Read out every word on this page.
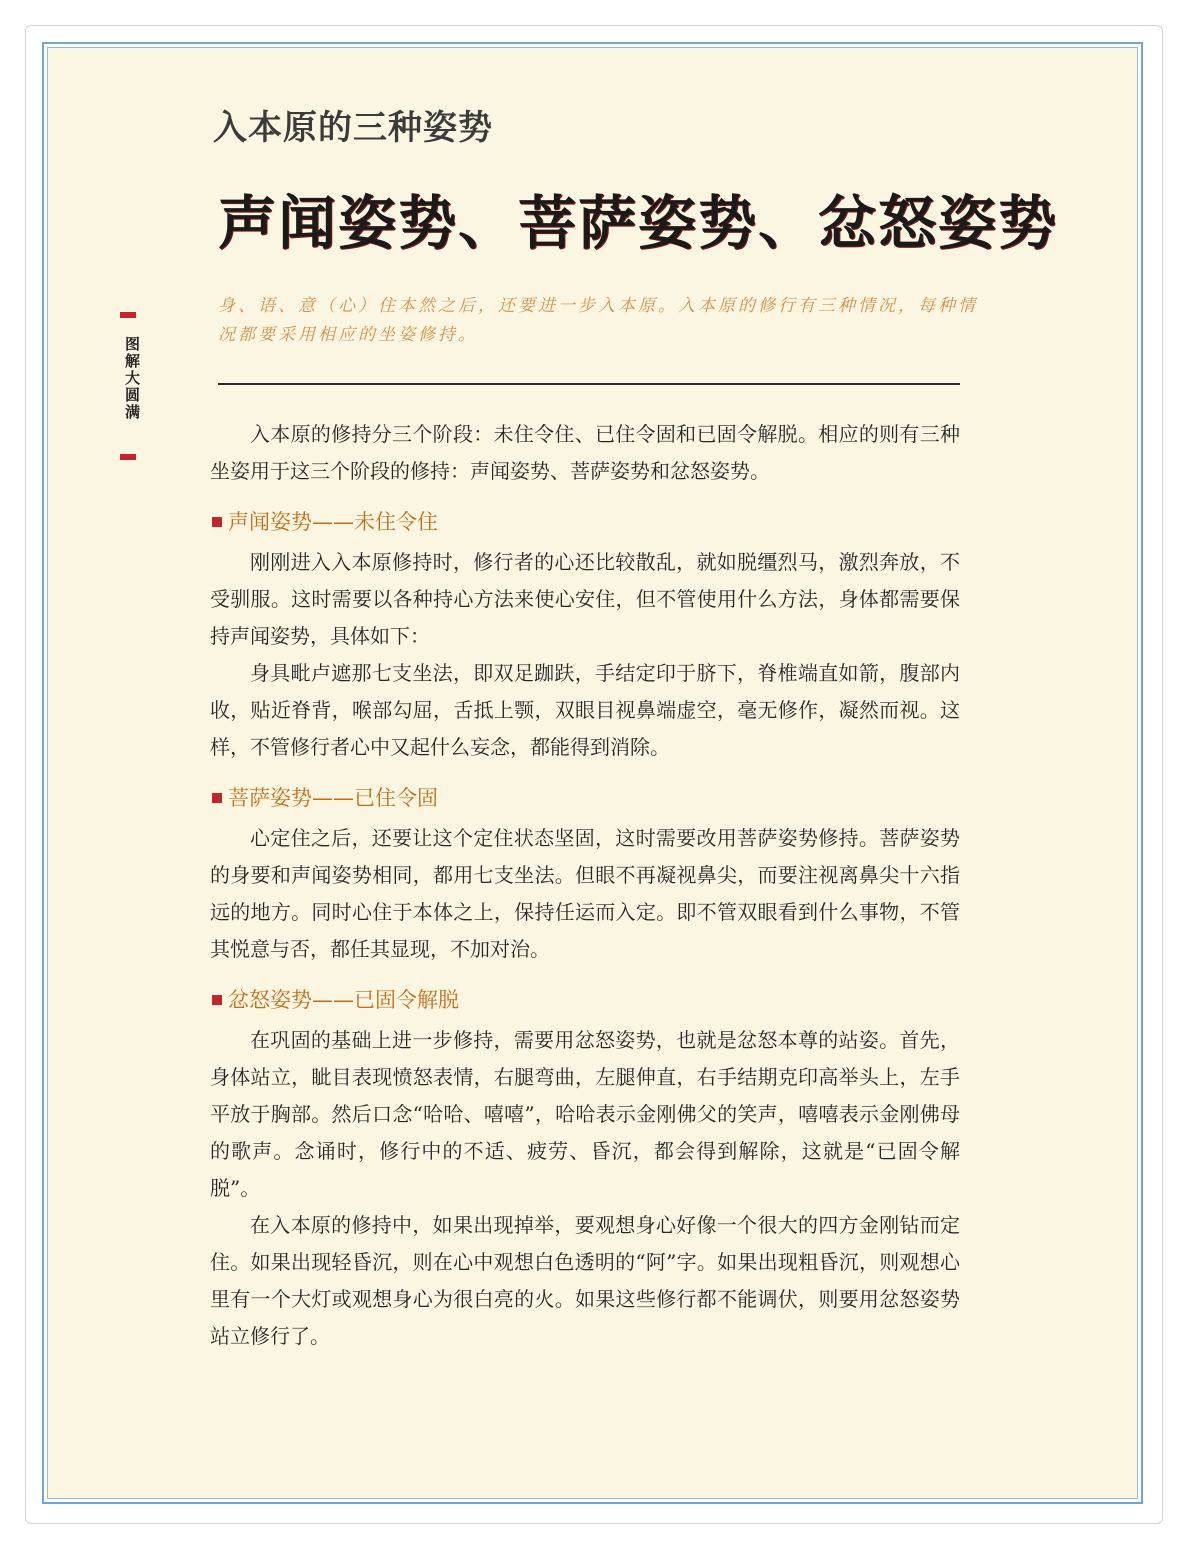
图解大圆满
入本原的三种姿势
声闻姿势、菩萨姿势、忿怒姿势
身、语、意（心）住本然之后，还要进一步入本原。入本原的修行有三种情况，每种情况都要采用相应的坐姿修持。

入本原的修持分三个阶段：未住令住、已住令固和已固令解脱。相应的则有三种坐姿用于这三个阶段的修持：声闻姿势、菩萨姿势和忿怒姿势。

声闻姿势——未住令住

刚刚进入入本原修持时，修行者的心还比较散乱，就如脱缰烈马，激烈奔放，不受驯服。这时需要以各种持心方法来使心安住，但不管使用什么方法，身体都需要保持声闻姿势，具体如下：

身具毗卢遮那七支坐法，即双足跏趺，手结定印于脐下，脊椎端直如箭，腹部内收，贴近脊背，喉部勾屈，舌抵上颚，双眼目视鼻端虚空，毫无修作，凝然而视。这样，不管修行者心中又起什么妄念，都能得到消除。

菩萨姿势——已住令固

心定住之后，还要让这个定住状态坚固，这时需要改用菩萨姿势修持。菩萨姿势的身要和声闻姿势相同，都用七支坐法。但眼不再凝视鼻尖，而要注视离鼻尖十六指远的地方。同时心住于本体之上，保持任运而入定。即不管双眼看到什么事物，不管其悦意与否，都任其显现，不加对治。

忿怒姿势——已固令解脱

在巩固的基础上进一步修持，需要用忿怒姿势，也就是忿怒本尊的站姿。首先，身体站立，眦目表现愤怒表情，右腿弯曲，左腿伸直，右手结期克印高举头上，左手平放于胸部。然后口念“哈哈、嘻嘻”，哈哈表示金刚佛父的笑声，嘻嘻表示金刚佛母的歌声。念诵时，修行中的不适、疲劳、昏沉，都会得到解除，这就是“已固令解脱”。

在入本原的修持中，如果出现掉举，要观想身心好像一个很大的四方金刚钻而定住。如果出现轻昏沉，则在心中观想白色透明的“阿”字。如果出现粗昏沉，则观想心里有一个大灯或观想身心为很白亮的火。如果这些修行都不能调伏，则要用忿怒姿势站立修行了。
